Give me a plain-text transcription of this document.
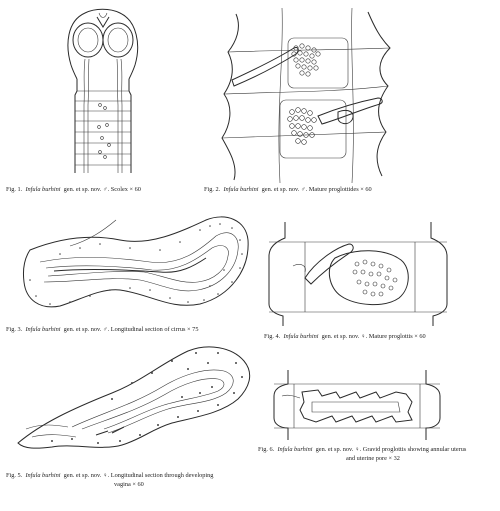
Fig. 1. Infula burhini gen. et sp. nov. ♂. Scolex × 60	Fig. 2. Infula burhini gen. et sp. nov. ♂. Mature proglottides × 60
Fig. 3. Infula burhini gen. et sp. nov. ♂. Longitudinal section of cirrus × 75
Fig. 4. Infula burhini gen. et sp. nov. ♀. Mature proglottis × 60
Fig. 6. Infula burhini gen. et sp. nov. ♀. Gravid proglottis showing annular uterus
and uterine pore × 32
Fig. 5. Infula burhini gen. et sp. nov. ♀. Longitudinal section through developing
vagina × 60
